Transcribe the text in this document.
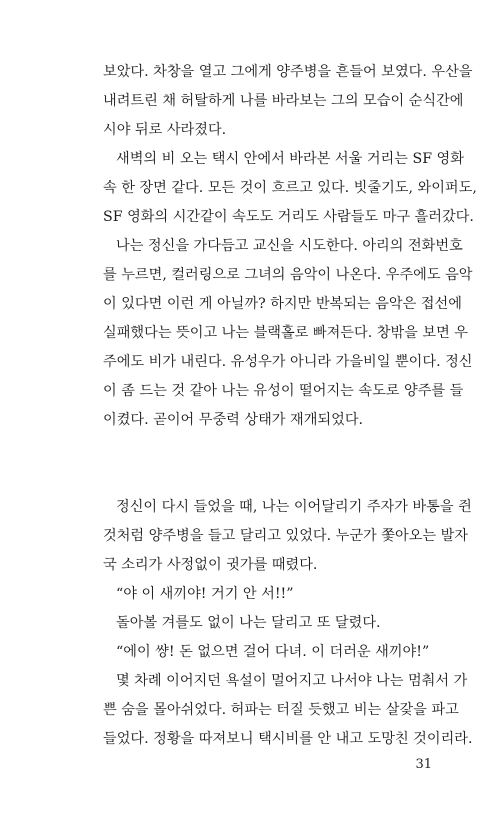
보았다. 차창을 열고 그에게 양주병을 흔들어 보였다. 우산을
내려트린 채 허탈하게 나를 바라보는 그의 모습이 순식간에
시야 뒤로 사라졌다.
새벽의 비 오는 택시 안에서 바라본 서울 거리는 SF 영화
속 한 장면 같다. 모든 것이 흐르고 있다. 빗줄기도, 와이퍼도,
SF 영화의 시간같이 속도도 거리도 사람들도 마구 흘러갔다.
나는 정신을 가다듬고 교신을 시도한다. 아리의 전화번호
를 누르면, 컬러링으로 그녀의 음악이 나온다. 우주에도 음악
이 있다면 이런 게 아닐까? 하지만 반복되는 음악은 접선에
실패했다는 뜻이고 나는 블랙홀로 빠져든다. 창밖을 보면 우
주에도 비가 내린다. 유성우가 아니라 가을비일 뿐이다. 정신
이 좀 드는 것 같아 나는 유성이 떨어지는 속도로 양주를 들
이켰다. 곧이어 무중력 상태가 재개되었다.
정신이 다시 들었을 때, 나는 이어달리기 주자가 바통을 쥔
것처럼 양주병을 들고 달리고 있었다. 누군가 쫓아오는 발자
국 소리가 사정없이 귓가를 때렸다.
“야 이 새끼야! 거기 안 서!!”
돌아볼 겨를도 없이 나는 달리고 또 달렸다.
“에이 썅! 돈 없으면 걸어 다녀. 이 더러운 새끼야!”
몇 차례 이어지던 욕설이 멀어지고 나서야 나는 멈춰서 가
쁜 숨을 몰아쉬었다. 허파는 터질 듯했고 비는 살갗을 파고
들었다. 정황을 따져보니 택시비를 안 내고 도망친 것이리라.
31
